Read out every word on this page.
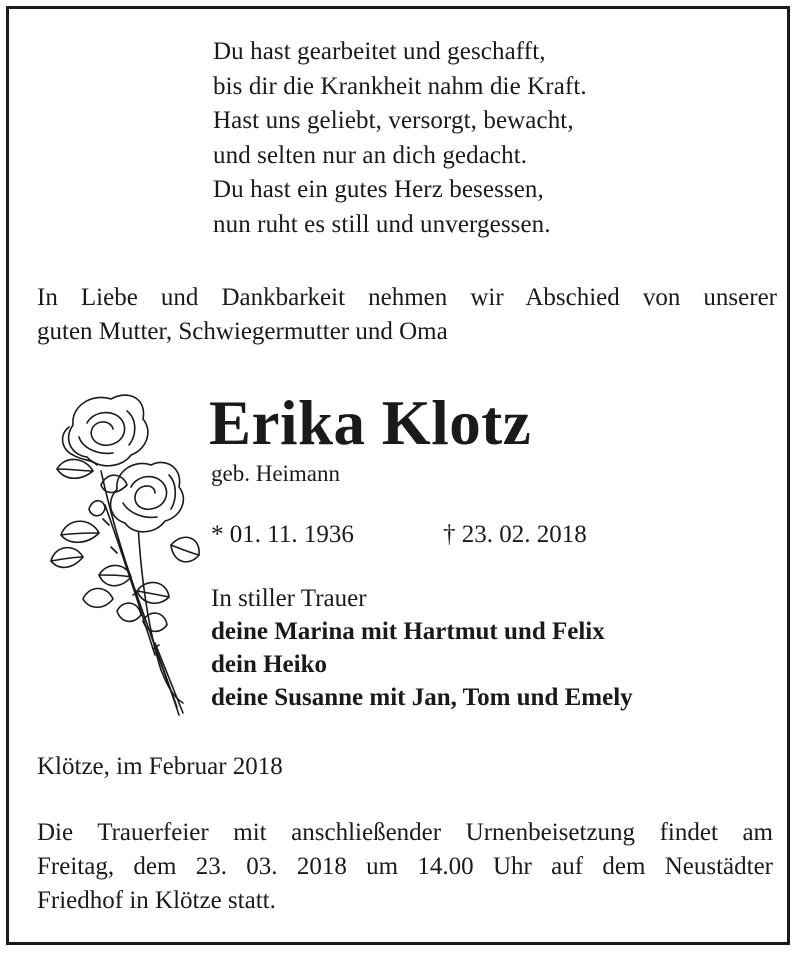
Du hast gearbeitet und geschafft,
bis dir die Krankheit nahm die Kraft.
Hast uns geliebt, versorgt, bewacht,
und selten nur an dich gedacht.
Du hast ein gutes Herz besessen,
nun ruht es still und unvergessen.
In Liebe und Dankbarkeit nehmen wir Abschied von unserer
guten Mutter, Schwiegermutter und Oma
Erika Klotz
geb. Heimann
* 01. 11. 1936	† 23. 02. 2018
In stiller Trauer
deine Marina mit Hartmut und Felix
dein Heiko
deine Susanne mit Jan, Tom und Emely
Klötze, im Februar 2018
Die Trauerfeier mit anschließender Urnenbeisetzung findet am
Freitag, dem 23. 03. 2018 um 14.00 Uhr auf dem Neustädter
Friedhof in Klötze statt.
